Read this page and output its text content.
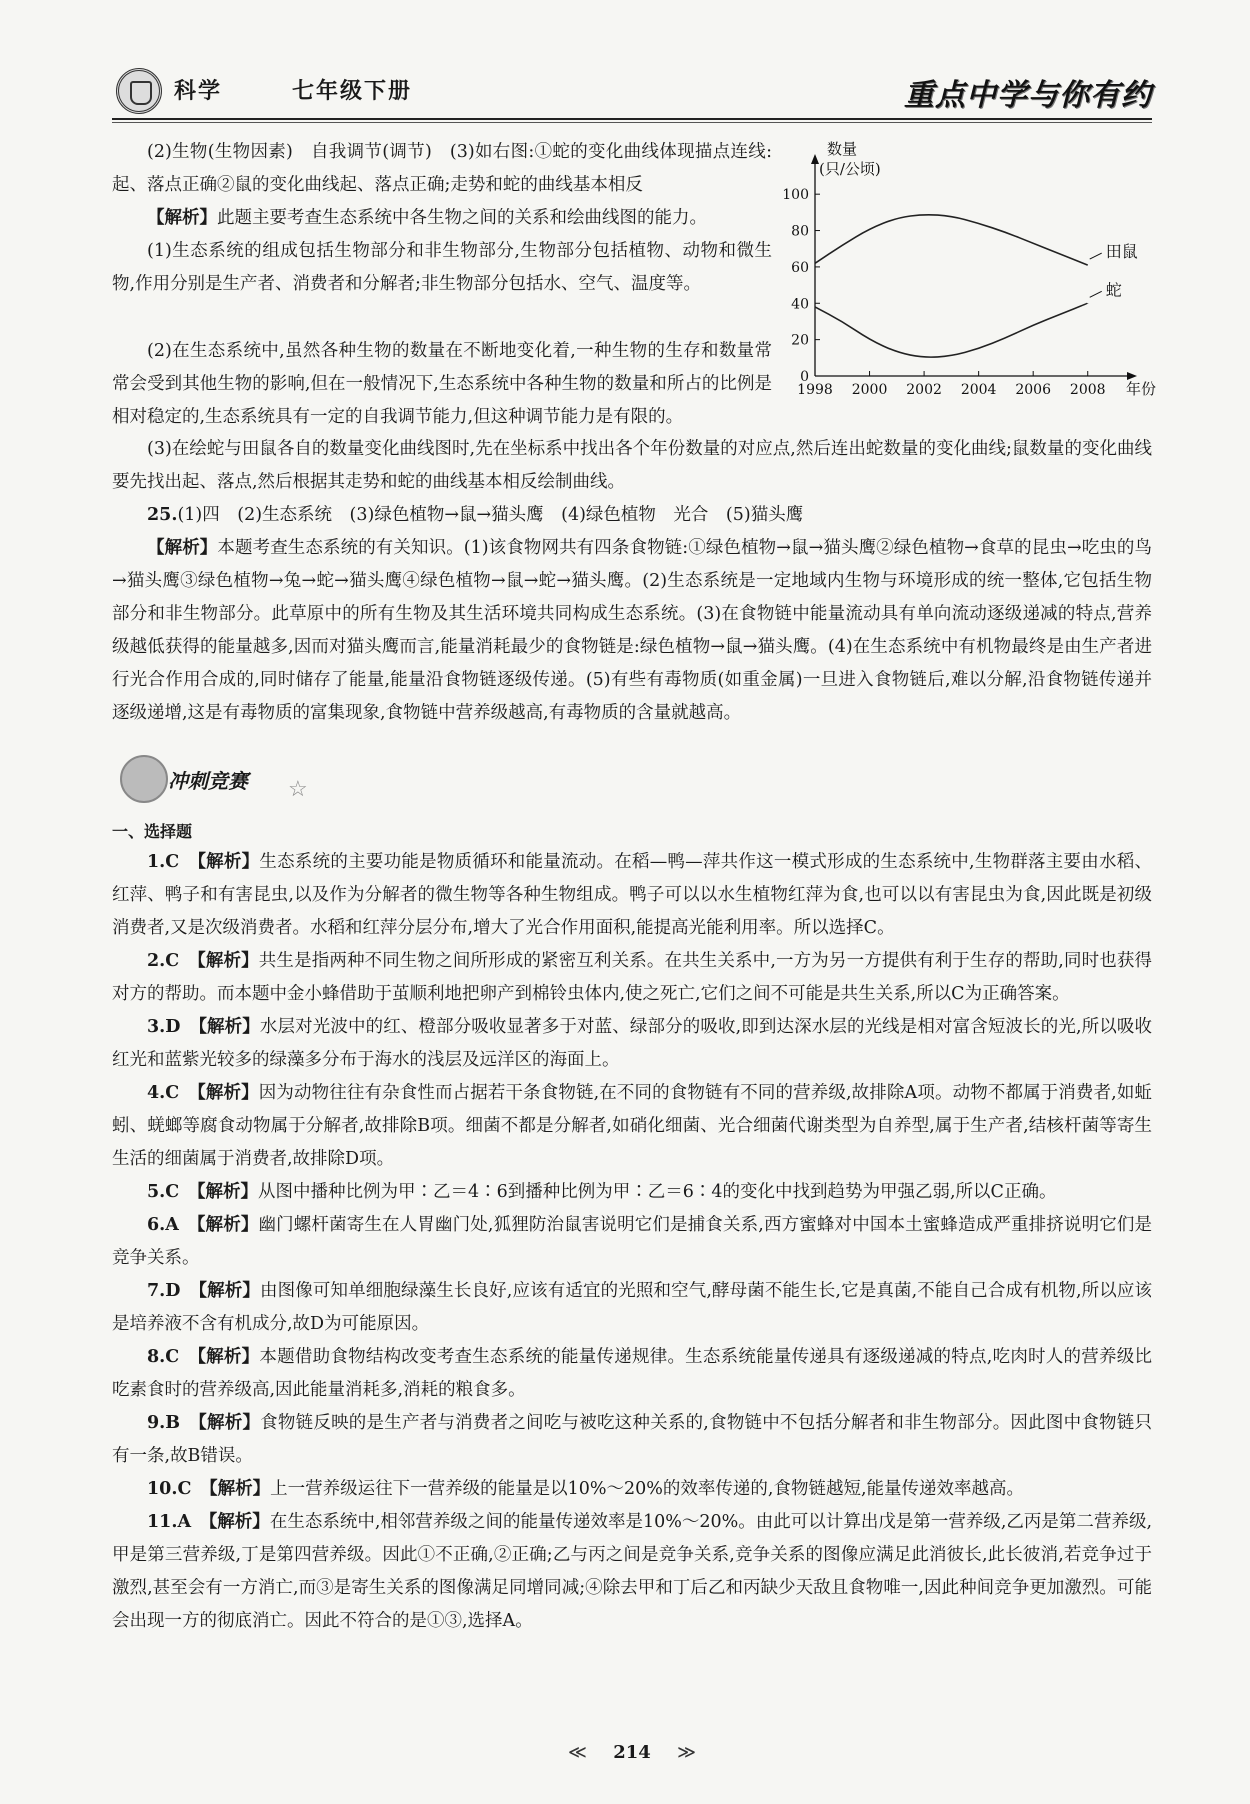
科学	七年级下册	重点中学与你有约

(2)生物(生物因素)　自我调节(调节)　(3)如右图:①蛇的变化曲线体现描点连线:起、落点正确②鼠的变化曲线起、落点正确;走势和蛇的曲线基本相反

【解析】此题主要考查生态系统中各生物之间的关系和绘曲线图的能力。

(1)生态系统的组成包括生物部分和非生物部分,生物部分包括植物、动物和微生物,作用分别是生产者、消费者和分解者;非生物部分包括水、空气、温度等。

(2)在生态系统中,虽然各种生物的数量在不断地变化着,一种生物的生存和数量常常会受到其他生物的影响,但在一般情况下,生态系统中各种生物的数量和所占的比例是相对稳定的,生态系统具有一定的自我调节能力,但这种调节能力是有限的。

(3)在绘蛇与田鼠各自的数量变化曲线图时,先在坐标系中找出各个年份数量的对应点,然后连出蛇数量的变化曲线;鼠数量的变化曲线要先找出起、落点,然后根据其走势和蛇的曲线基本相反绘制曲线。

25.(1)四　(2)生态系统　(3)绿色植物→鼠→猫头鹰　(4)绿色植物　光合　(5)猫头鹰

【解析】本题考查生态系统的有关知识。(1)该食物网共有四条食物链:①绿色植物→鼠→猫头鹰②绿色植物→食草的昆虫→吃虫的鸟→猫头鹰③绿色植物→兔→蛇→猫头鹰④绿色植物→鼠→蛇→猫头鹰。(2)生态系统是一定地域内生物与环境形成的统一整体,它包括生物部分和非生物部分。此草原中的所有生物及其生活环境共同构成生态系统。(3)在食物链中能量流动具有单向流动逐级递减的特点,营养级越低获得的能量越多,因而对猫头鹰而言,能量消耗最少的食物链是:绿色植物→鼠→猫头鹰。(4)在生态系统中有机物最终是由生产者进行光合作用合成的,同时储存了能量,能量沿食物链逐级传递。(5)有些有毒物质(如重金属)一旦进入食物链后,难以分解,沿食物链传递并逐级递增,这是有毒物质的富集现象,食物链中营养级越高,有毒物质的含量就越高。

0
20
40
60
80
100
1998 2000 2002 2004 2006 2008
数量
(只/公顷)
年份
田鼠
蛇
冲刺竞赛 ☆

一、选择题

1.C　 【解析】生态系统的主要功能是物质循环和能量流动。在稻—鸭—萍共作这一模式形成的生态系统中,生物群落主要由水稻、红萍、鸭子和有害昆虫,以及作为分解者的微生物等各种生物组成。鸭子可以以水生植物红萍为食,也可以以有害昆虫为食,因此既是初级消费者,又是次级消费者。水稻和红萍分层分布,增大了光合作用面积,能提高光能利用率。所以选择C。

2.C　 【解析】共生是指两种不同生物之间所形成的紧密互利关系。在共生关系中,一方为另一方提供有利于生存的帮助,同时也获得对方的帮助。而本题中金小蜂借助于茧顺利地把卵产到棉铃虫体内,使之死亡,它们之间不可能是共生关系,所以C为正确答案。

3.D　 【解析】水层对光波中的红、橙部分吸收显著多于对蓝、绿部分的吸收,即到达深水层的光线是相对富含短波长的光,所以吸收红光和蓝紫光较多的绿藻多分布于海水的浅层及远洋区的海面上。

4.C　 【解析】因为动物往往有杂食性而占据若干条食物链,在不同的食物链有不同的营养级,故排除A项。动物不都属于消费者,如蚯蚓、蜣螂等腐食动物属于分解者,故排除B项。细菌不都是分解者,如硝化细菌、光合细菌代谢类型为自养型,属于生产者,结核杆菌等寄生生活的细菌属于消费者,故排除D项。

5.C　 【解析】从图中播种比例为甲∶乙＝4∶6到播种比例为甲∶乙＝6∶4的变化中找到趋势为甲强乙弱,所以C正确。

6.A　 【解析】幽门螺杆菌寄生在人胃幽门处,狐狸防治鼠害说明它们是捕食关系,西方蜜蜂对中国本土蜜蜂造成严重排挤说明它们是竞争关系。

7.D　 【解析】由图像可知单细胞绿藻生长良好,应该有适宜的光照和空气,酵母菌不能生长,它是真菌,不能自己合成有机物,所以应该是培养液不含有机成分,故D为可能原因。

8.C　 【解析】本题借助食物结构改变考查生态系统的能量传递规律。生态系统能量传递具有逐级递减的特点,吃肉时人的营养级比吃素食时的营养级高,因此能量消耗多,消耗的粮食多。

9.B　 【解析】食物链反映的是生产者与消费者之间吃与被吃这种关系的,食物链中不包括分解者和非生物部分。因此图中食物链只有一条,故B错误。

10.C　 【解析】上一营养级运往下一营养级的能量是以10%～20%的效率传递的,食物链越短,能量传递效率越高。

11.A　 【解析】在生态系统中,相邻营养级之间的能量传递效率是10%～20%。由此可以计算出戊是第一营养级,乙丙是第二营养级,甲是第三营养级,丁是第四营养级。因此①不正确,②正确;乙与丙之间是竞争关系,竞争关系的图像应满足此消彼长,此长彼消,若竞争过于激烈,甚至会有一方消亡,而③是寄生关系的图像满足同增同减;④除去甲和丁后乙和丙缺少天敌且食物唯一,因此种间竞争更加激烈。可能会出现一方的彻底消亡。因此不符合的是①③,选择A。

≪ 214 ≫
